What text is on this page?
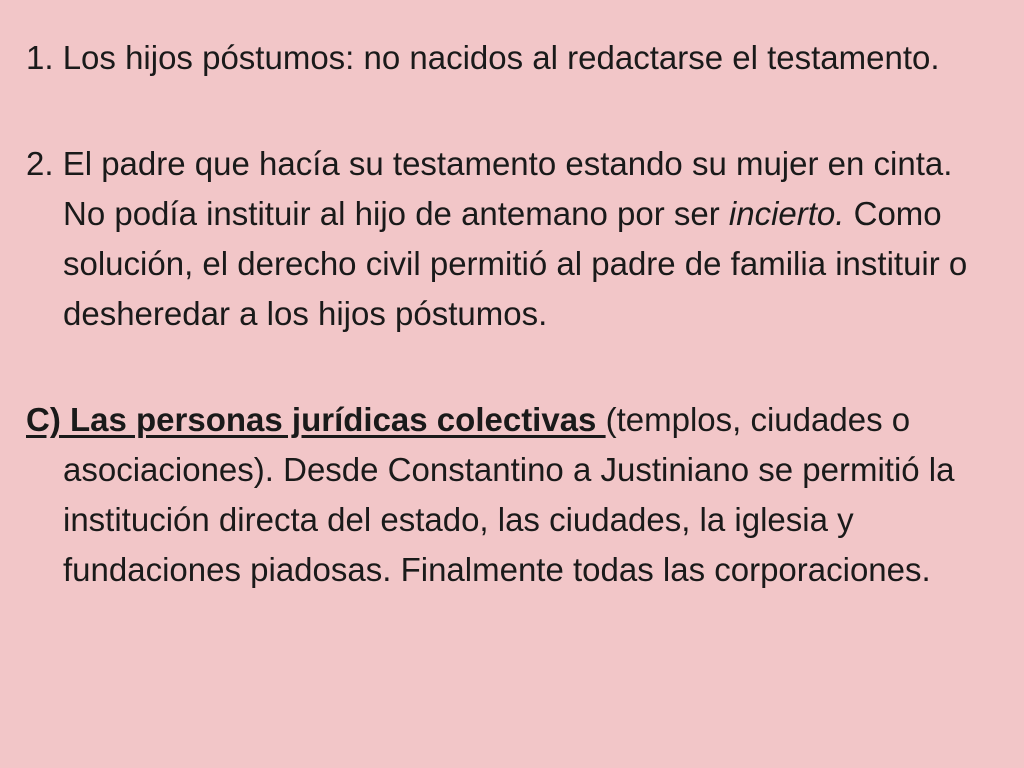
1. Los hijos póstumos: no nacidos al redactarse el testamento.

2. El padre que hacía su testamento estando su mujer en cinta. No podía instituir al hijo de antemano por ser incierto. Como solución, el derecho civil permitió al padre de familia instituir o desheredar a los hijos póstumos.

C) Las personas jurídicas colectivas (templos, ciudades o asociaciones). Desde Constantino a Justiniano se permitió la institución directa del estado, las ciudades, la iglesia y fundaciones piadosas. Finalmente todas las corporaciones.
